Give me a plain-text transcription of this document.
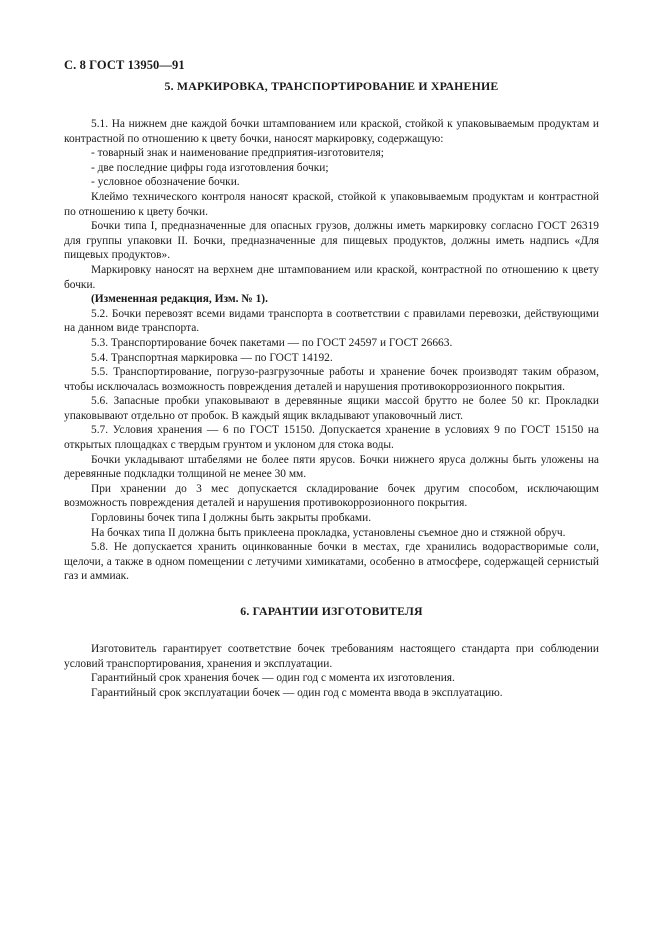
С. 8 ГОСТ 13950—91
5. МАРКИРОВКА, ТРАНСПОРТИРОВАНИЕ И ХРАНЕНИЕ

5.1. На нижнем дне каждой бочки штампованием или краской, стойкой к упаковываемым продуктам и контрастной по отношению к цвету бочки, наносят маркировку, содержащую:

- товарный знак и наименование предприятия-изготовителя;

- две последние цифры года изготовления бочки;

- условное обозначение бочки.

Клеймо технического контроля наносят краской, стойкой к упаковываемым продуктам и контрастной по отношению к цвету бочки.

Бочки типа I, предназначенные для опасных грузов, должны иметь маркировку согласно ГОСТ 26319 для группы упаковки II. Бочки, предназначенные для пищевых продуктов, должны иметь надпись «Для пищевых продуктов».

Маркировку наносят на верхнем дне штампованием или краской, контрастной по отношению к цвету бочки.

(Измененная редакция, Изм. № 1).

5.2. Бочки перевозят всеми видами транспорта в соответствии с правилами перевозки, действующими на данном виде транспорта.

5.3. Транспортирование бочек пакетами — по ГОСТ 24597 и ГОСТ 26663.

5.4. Транспортная маркировка — по ГОСТ 14192.

5.5. Транспортирование, погрузо-разгрузочные работы и хранение бочек производят таким образом, чтобы исключалась возможность повреждения деталей и нарушения противокоррозионного покрытия.

5.6. Запасные пробки упаковывают в деревянные ящики массой брутто не более 50 кг. Прокладки упаковывают отдельно от пробок. В каждый ящик вкладывают упаковочный лист.

5.7. Условия хранения — 6 по ГОСТ 15150. Допускается хранение в условиях 9 по ГОСТ 15150 на открытых площадках с твердым грунтом и уклоном для стока воды.

Бочки укладывают штабелями не более пяти ярусов. Бочки нижнего яруса должны быть уложены на деревянные подкладки толщиной не менее 30 мм.

При хранении до 3 мес допускается складирование бочек другим способом, исключающим возможность повреждения деталей и нарушения противокоррозионного покрытия.

Горловины бочек типа I должны быть закрыты пробками.

На бочках типа II должна быть приклеена прокладка, установлены съемное дно и стяжной обруч.

5.8. Не допускается хранить оцинкованные бочки в местах, где хранились водорастворимые соли, щелочи, а также в одном помещении с летучими химикатами, особенно в атмосфере, содержащей сернистый газ и аммиак.

6. ГАРАНТИИ ИЗГОТОВИТЕЛЯ

Изготовитель гарантирует соответствие бочек требованиям настоящего стандарта при соблюдении условий транспортирования, хранения и эксплуатации.

Гарантийный срок хранения бочек — один год с момента их изготовления.

Гарантийный срок эксплуатации бочек — один год с момента ввода в эксплуатацию.
